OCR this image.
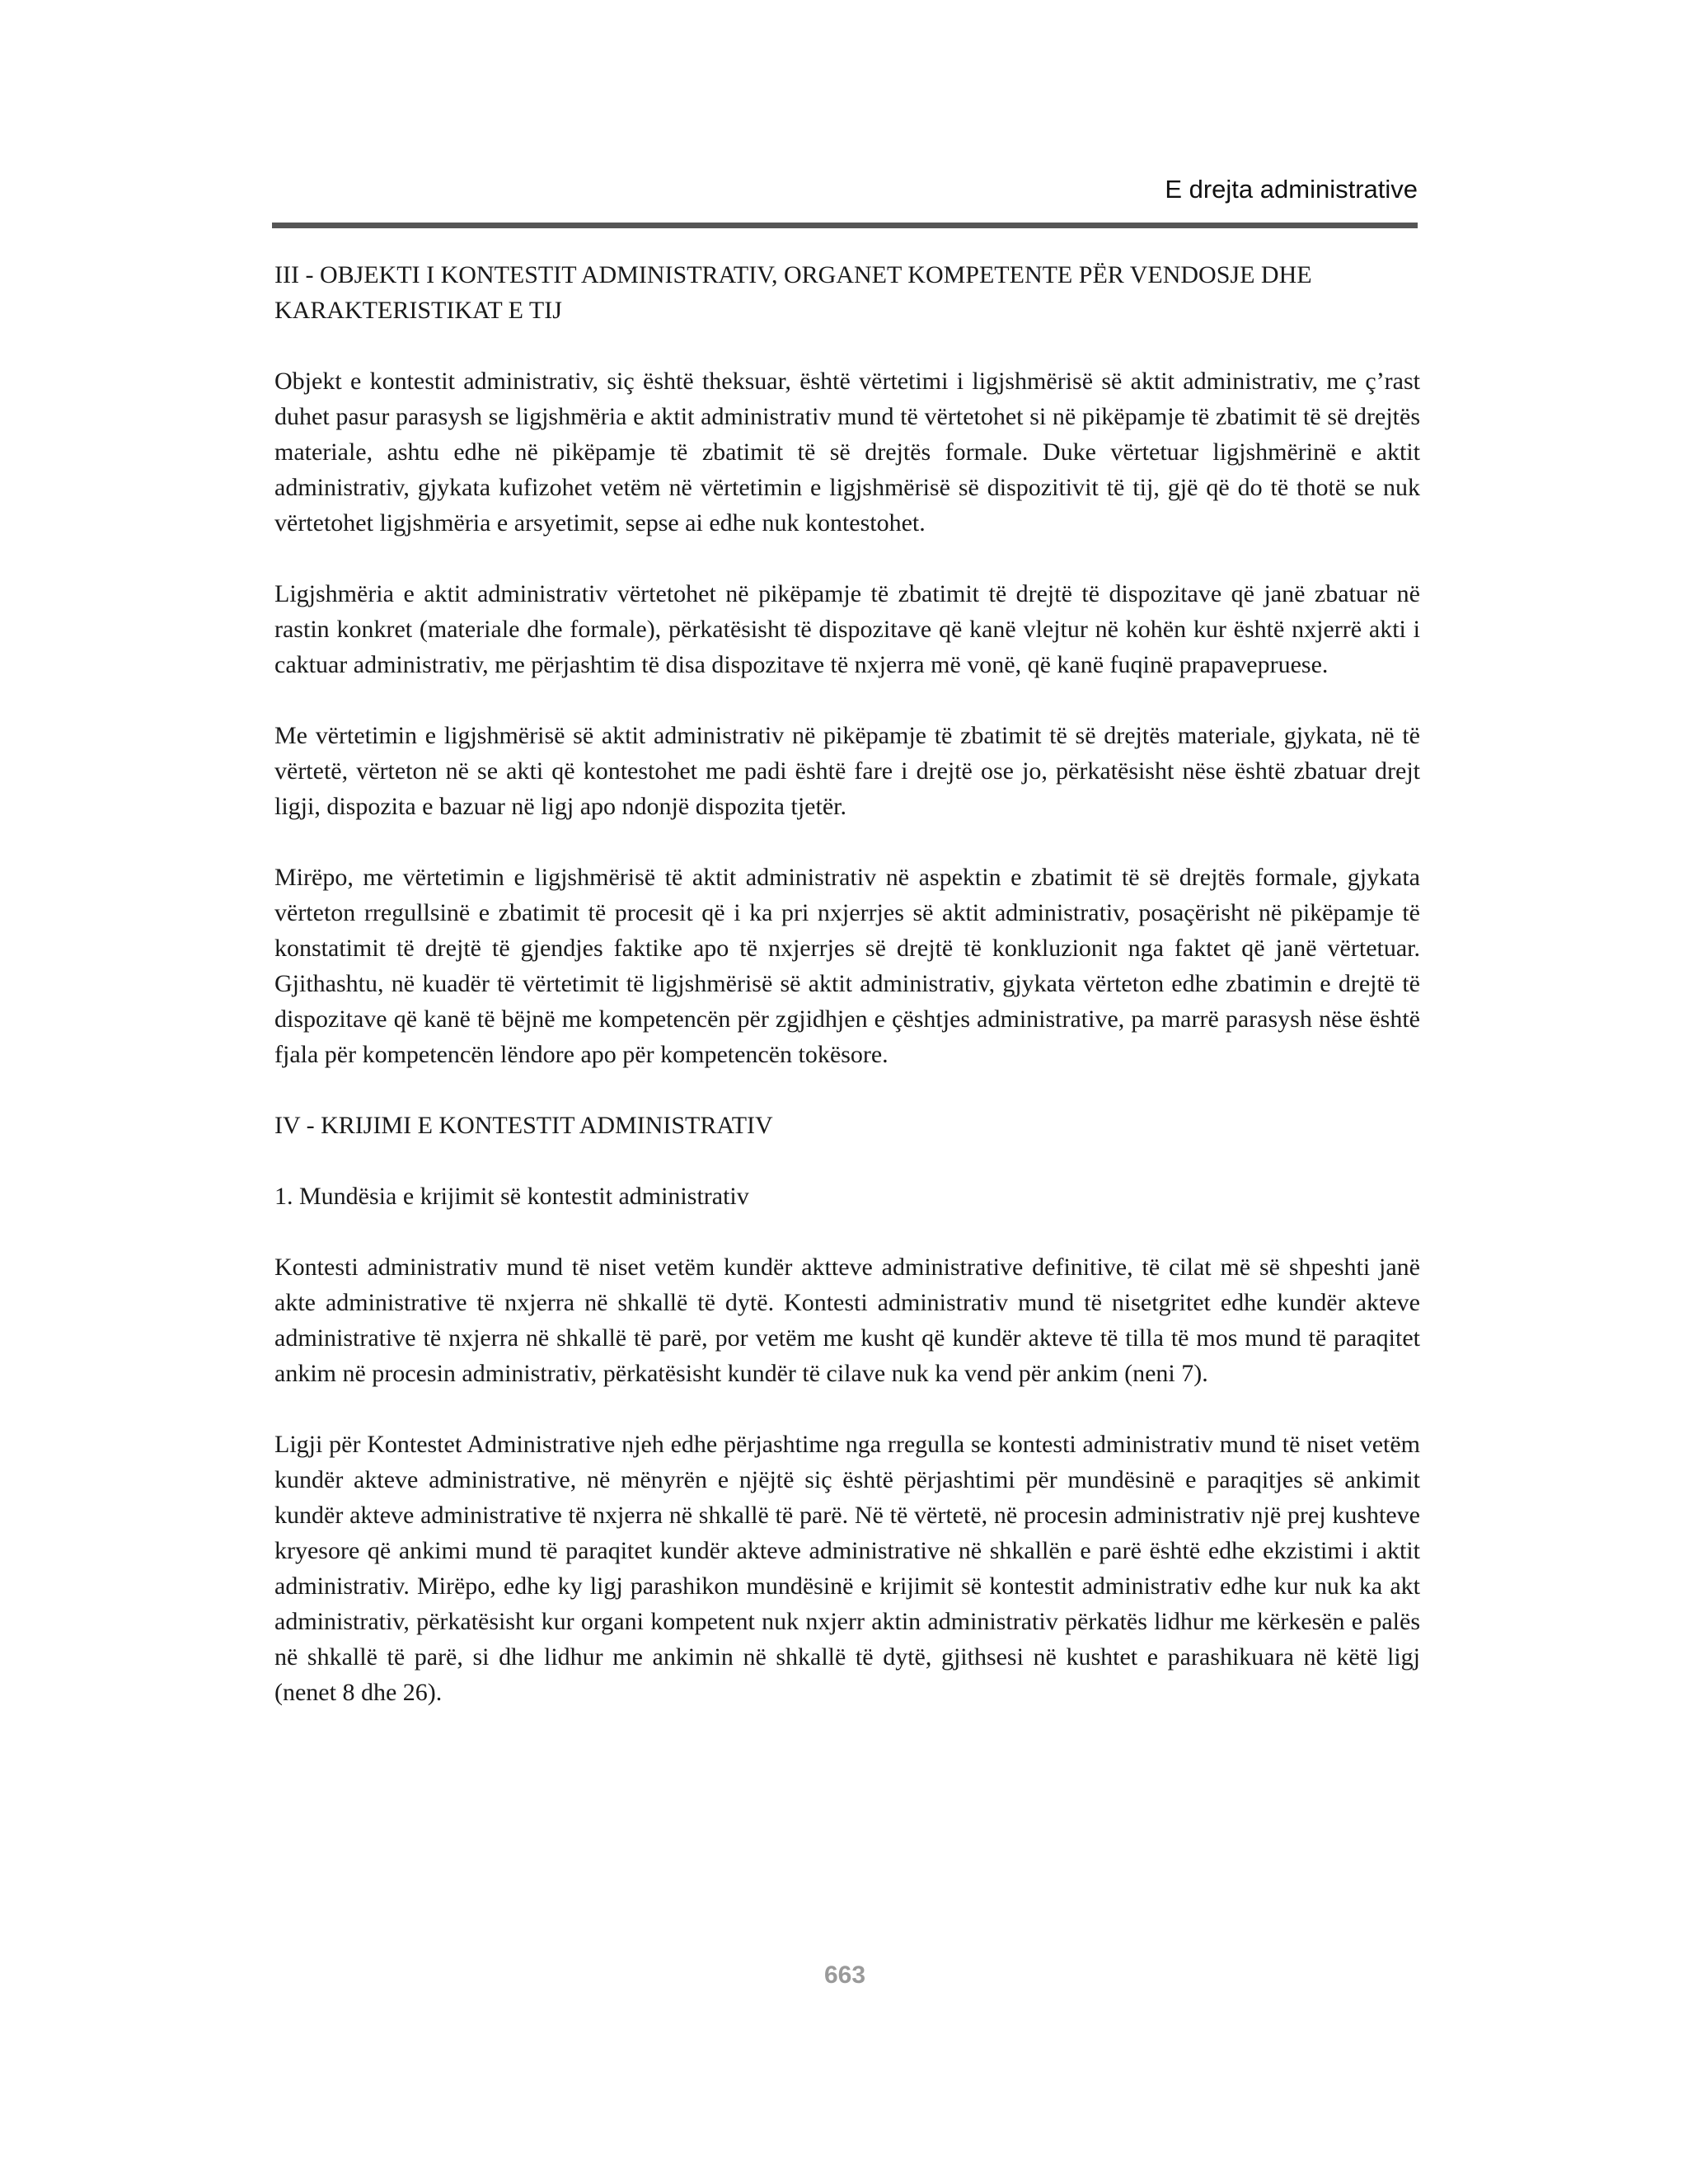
E drejta administrative
III - OBJEKTI I KONTESTIT ADMINISTRATIV, ORGANET KOMPETENTE PËR VENDOSJE DHE KARAKTERISTIKAT E TIJ

Objekt e kontestit administrativ, siç është theksuar, është vërtetimi i ligjshmërisë së aktit administrativ, me ç’rast duhet pasur parasysh se ligjshmëria e aktit administrativ mund të vërtetohet si në pikëpamje të zbatimit të së drejtës materiale, ashtu edhe në pikëpamje të zbatimit të së drejtës formale. Duke vërtetuar ligjshmërinë e aktit administrativ, gjykata kufizohet vetëm në vërtetimin e ligjshmërisë së dispozitivit të tij, gjë që do të thotë se nuk vërtetohet ligjshmëria e arsyetimit, sepse ai edhe nuk kontestohet.

Ligjshmëria e aktit administrativ vërtetohet në pikëpamje të zbatimit të drejtë të dispozitave që janë zbatuar në rastin konkret (materiale dhe formale), përkatësisht të dispozitave që kanë vlejtur në kohën kur është nxjerrë akti i caktuar administrativ, me përjashtim të disa dispozitave të nxjerra më vonë, që kanë fuqinë prapavepruese.

Me vërtetimin e ligjshmërisë së aktit administrativ në pikëpamje të zbatimit të së drejtës materiale, gjykata, në të vërtetë, vërteton në se akti që kontestohet me padi është fare i drejtë ose jo, përkatësisht nëse është zbatuar drejt ligji, dispozita e bazuar në ligj apo ndonjë dispozita tjetër.

Mirëpo, me vërtetimin e ligjshmërisë të aktit administrativ në aspektin e zbatimit të së drejtës formale, gjykata vërteton rregullsinë e zbatimit të procesit që i ka pri nxjerrjes së aktit administrativ, posaçërisht në pikëpamje të konstatimit të drejtë të gjendjes faktike apo të nxjerrjes së drejtë të konkluzionit nga faktet që janë vërtetuar. Gjithashtu, në kuadër të vërtetimit të ligjshmërisë së aktit administrativ, gjykata vërteton edhe zbatimin e drejtë të dispozitave që kanë të bëjnë me kompetencën për zgjidhjen e çështjes administrative, pa marrë parasysh nëse është fjala për kompetencën lëndore apo për kompetencën tokësore.

IV - KRIJIMI E KONTESTIT ADMINISTRATIV
1. Mundësia e krijimit së kontestit administrativ

Kontesti administrativ mund të niset vetëm kundër aktteve administrative definitive, të cilat më së shpeshti janë akte administrative të nxjerra në shkallë të dytë. Kontesti administrativ mund të nisetgritet edhe kundër akteve administrative të nxjerra në shkallë të parë, por vetëm me kusht që kundër akteve të tilla të mos mund të paraqitet ankim në procesin administrativ, përkatësisht kundër të cilave nuk ka vend për ankim (neni 7).

Ligji për Kontestet Administrative njeh edhe përjashtime nga rregulla se kontesti administrativ mund të niset vetëm kundër akteve administrative, në mënyrën e njëjtë siç është përjashtimi për mundësinë e paraqitjes së ankimit kundër akteve administrative të nxjerra në shkallë të parë. Në të vërtetë, në procesin administrativ një prej kushteve kryesore që ankimi mund të paraqitet kundër akteve administrative në shkallën e parë është edhe ekzistimi i aktit administrativ. Mirëpo, edhe ky ligj parashikon mundësinë e krijimit së kontestit administrativ edhe kur nuk ka akt administrativ, përkatësisht kur organi kompetent nuk nxjerr aktin administrativ përkatës lidhur me kërkesën e palës në shkallë të parë, si dhe lidhur me ankimin në shkallë të dytë, gjithsesi në kushtet e parashikuara në këtë ligj (nenet 8 dhe 26).

663
